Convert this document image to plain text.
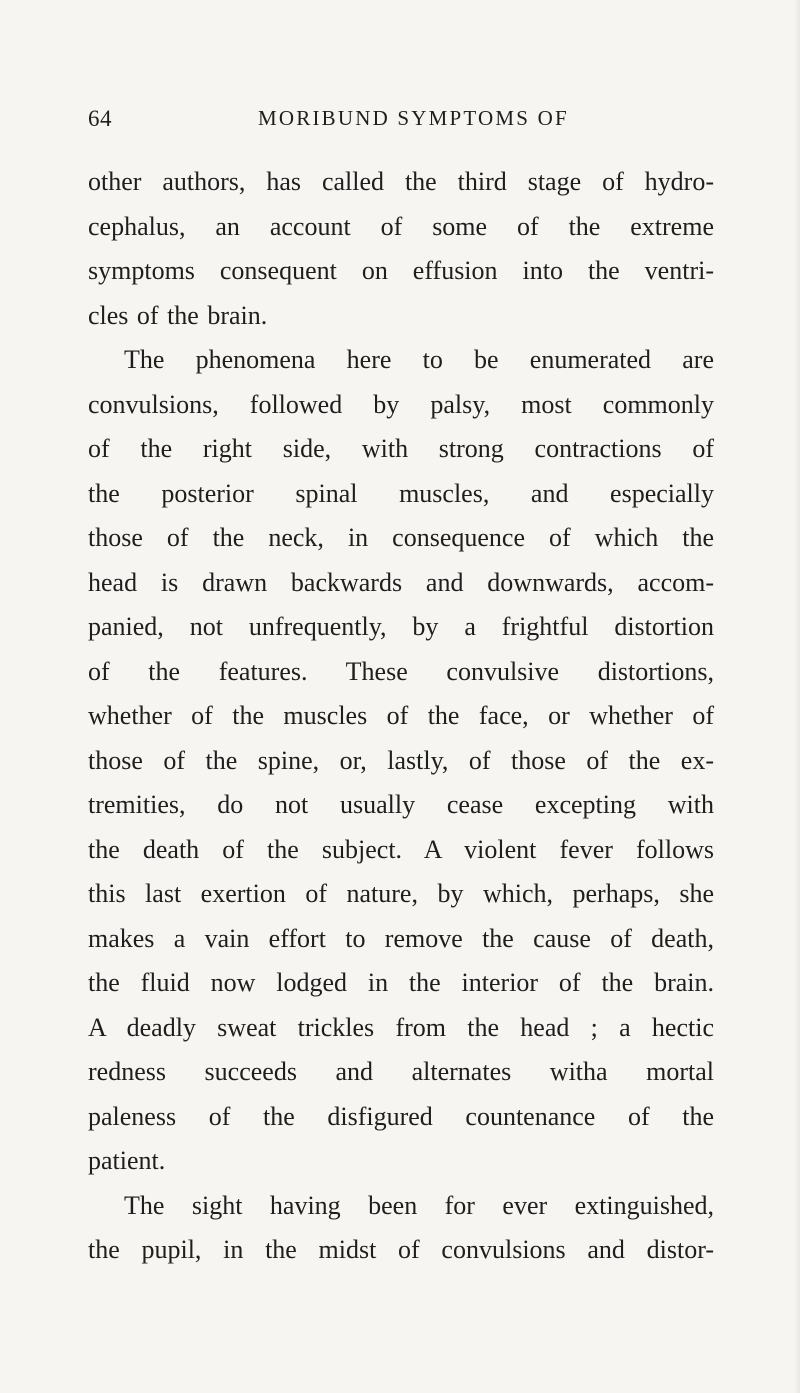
64	MORIBUND SYMPTOMS OF
other authors, has called the third stage of hydro-
cephalus, an account of some of the extreme
symptoms consequent on effusion into the ventri-
cles of the brain.
The phenomena here to be enumerated are
convulsions, followed by palsy, most commonly
of the right side, with strong contractions of
the posterior spinal muscles, and especially
those of the neck, in consequence of which the
head is drawn backwards and downwards, accom-
panied, not unfrequently, by a frightful distortion
of the features. These convulsive distortions,
whether of the muscles of the face, or whether of
those of the spine, or, lastly, of those of the ex-
tremities, do not usually cease excepting with
the death of the subject. A violent fever follows
this last exertion of nature, by which, perhaps, she
makes a vain effort to remove the cause of death,
the fluid now lodged in the interior of the brain.
A deadly sweat trickles from the head ; a hectic
redness succeeds and alternates witha mortal
paleness of the disfigured countenance of the
patient.
The sight having been for ever extinguished,
the pupil, in the midst of convulsions and distor-
